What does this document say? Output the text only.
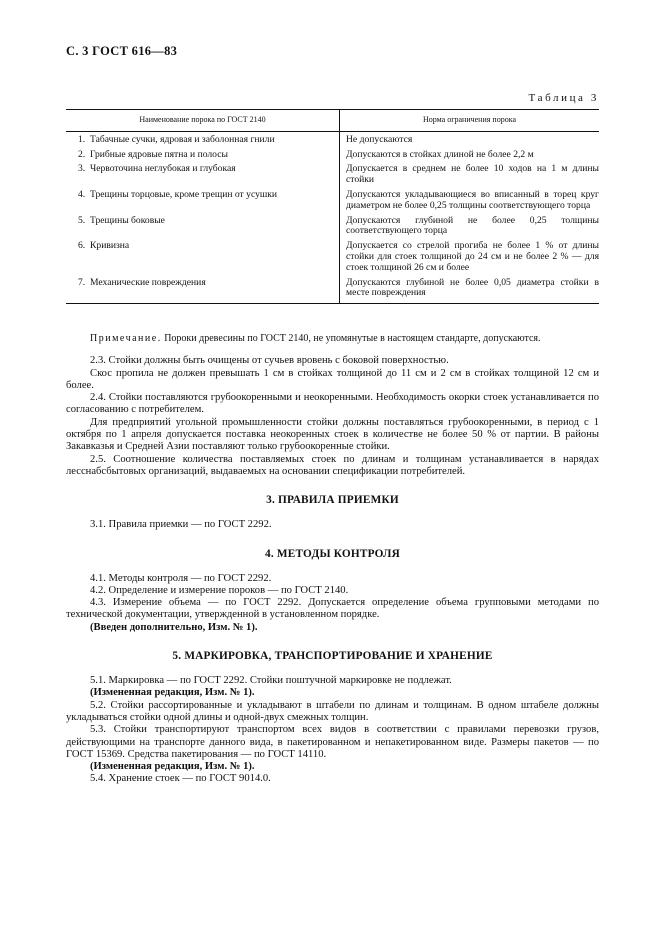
С. 3 ГОСТ 616—83
Таблица 3
Наименование порока по ГОСТ 2140	Норма ограничения порока
1. Табачные сучки, ядровая и заболонная гнили	Не допускаются
2. Грибные ядровые пятна и полосы	Допускаются в стойках длиной не более 2,2 м
3. Червоточина неглубокая и глубокая	Допускается в среднем не более 10 ходов на 1 м длины стойки
4. Трещины торцовые, кроме трещин от усушки	Допускаются укладывающиеся во вписанный в торец круг диаметром не более 0,25 толщины соответствующего торца
5. Трещины боковые	Допускаются глубиной не более 0,25 толщины соответствующего торца
6. Кривизна	Допускается со стрелой прогиба не более 1 % от длины стойки для стоек толщиной до 24 см и не более 2 % — для стоек толщиной 26 см и более
7. Механические повреждения	Допускаются глубиной не более 0,05 диаметра стойки в месте повреждения

Примечание. Пороки древесины по ГОСТ 2140, не упомянутые в настоящем стандарте, допускаются.

2.3. Стойки должны быть очищены от сучьев вровень с боковой поверхностью.

Скос пропила не должен превышать 1 см в стойках толщиной до 11 см и 2 см в стойках толщиной 12 см и более.

2.4. Стойки поставляются грубоокоренными и неокоренными. Необходимость окорки стоек устанавливается по согласованию с потребителем.

Для предприятий угольной промышленности стойки должны поставляться грубоокоренными, в период с 1 октября по 1 апреля допускается поставка неокоренных стоек в количестве не более 50 % от партии. В районы Закавказья и Средней Азии поставляют только грубоокоренные стойки.

2.5. Соотношение количества поставляемых стоек по длинам и толщинам устанавливается в нарядах лесснабсбытовых организаций, выдаваемых на основании спецификации потребителей.

3. ПРАВИЛА ПРИЕМКИ

3.1. Правила приемки — по ГОСТ 2292.

4. МЕТОДЫ КОНТРОЛЯ

4.1. Методы контроля — по ГОСТ 2292.

4.2. Определение и измерение пороков — по ГОСТ 2140.

4.3. Измерение объема — по ГОСТ 2292. Допускается определение объема групповыми методами по технической документации, утвержденной в установленном порядке.

(Введен дополнительно, Изм. № 1).

5. МАРКИРОВКА, ТРАНСПОРТИРОВАНИЕ И ХРАНЕНИЕ

5.1. Маркировка — по ГОСТ 2292. Стойки поштучной маркировке не подлежат.

(Измененная редакция, Изм. № 1).

5.2. Стойки рассортированные и укладывают в штабели по длинам и толщинам. В одном штабеле должны укладываться стойки одной длины и одной-двух смежных толщин.

5.3. Стойки транспортируют транспортом всех видов в соответствии с правилами перевозки грузов, действующими на транспорте данного вида, в пакетированном и непакетированном виде. Размеры пакетов — по ГОСТ 15369. Средства пакетирования — по ГОСТ 14110.

(Измененная редакция, Изм. № 1).

5.4. Хранение стоек — по ГОСТ 9014.0.
